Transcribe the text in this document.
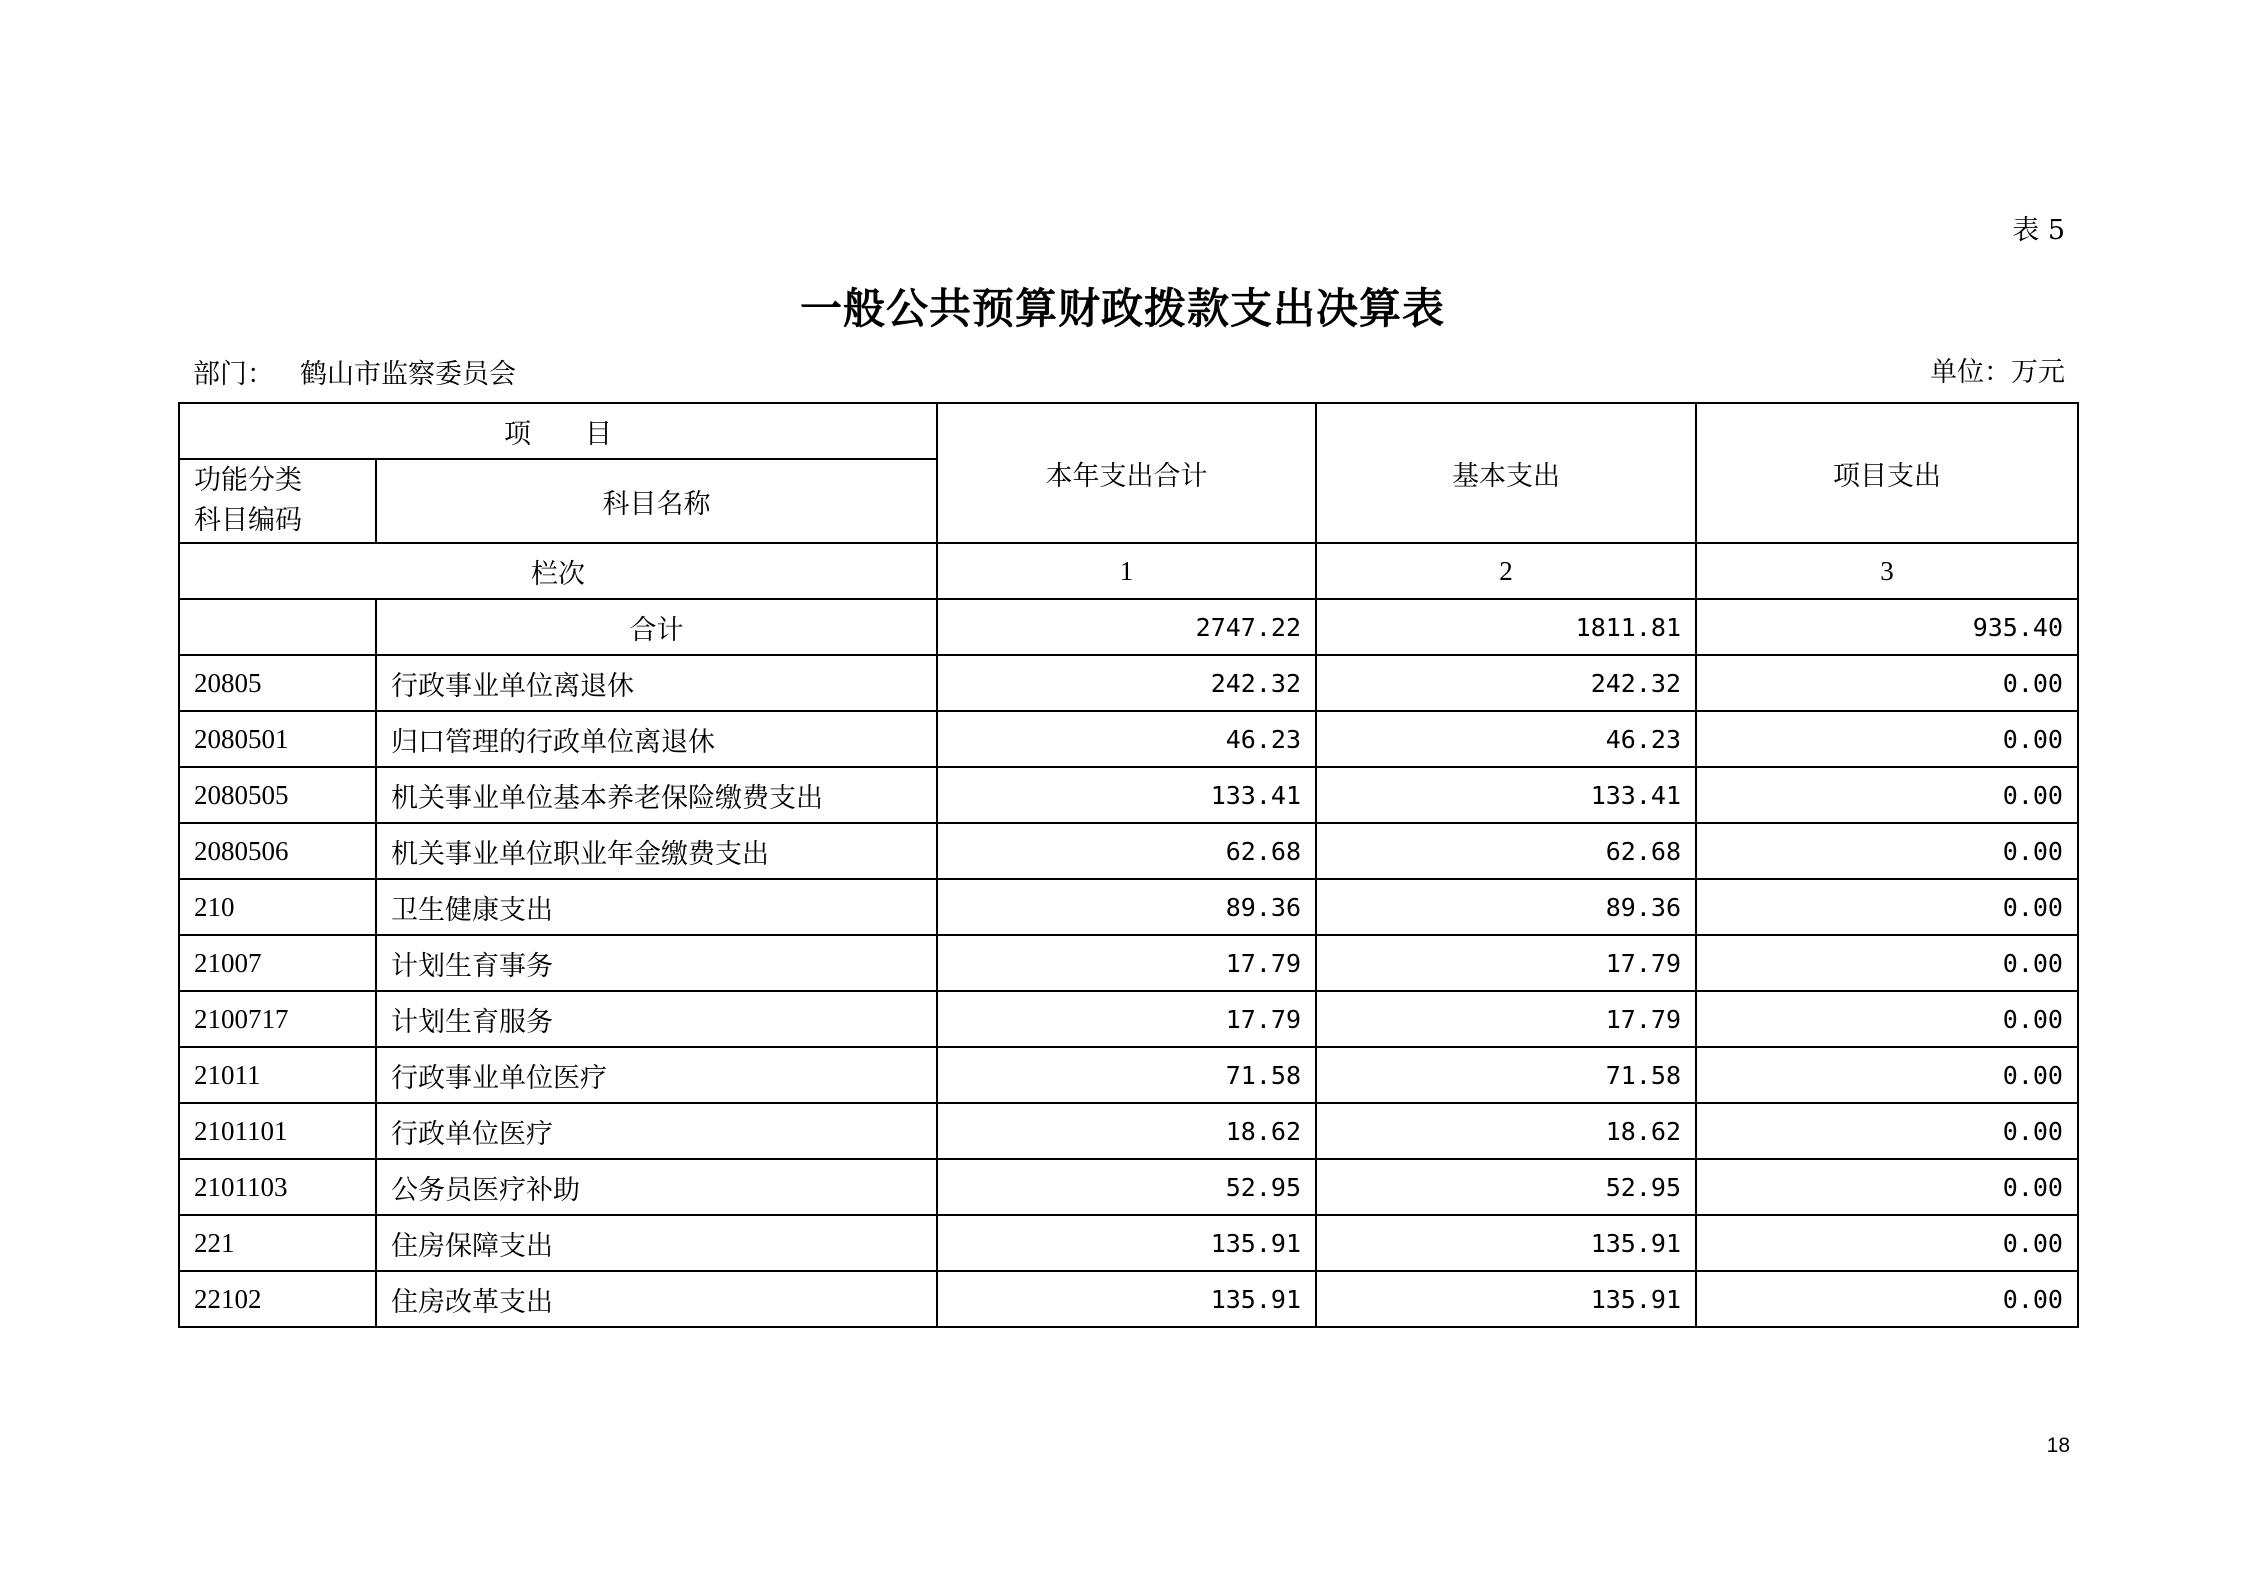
表 5
一般公共预算财政拨款支出决算表
部门： 鹤山市监察委员会	单位：万元
项　　目		本年支出合计	基本支出	项目支出

功能分类
科目编码	科目名称			
栏次		1	2	3
	合计	2747.22	1811.81	935.40
20805	行政事业单位离退休	242.32	242.32	0.00
2080501	归口管理的行政单位离退休	46.23	46.23	0.00
2080505	机关事业单位基本养老保险缴费支出	133.41	133.41	0.00
2080506	机关事业单位职业年金缴费支出	62.68	62.68	0.00
210	卫生健康支出	89.36	89.36	0.00
21007	计划生育事务	17.79	17.79	0.00
2100717	计划生育服务	17.79	17.79	0.00
21011	行政事业单位医疗	71.58	71.58	0.00
2101101	行政单位医疗	18.62	18.62	0.00
2101103	公务员医疗补助	52.95	52.95	0.00
221	住房保障支出	135.91	135.91	0.00
22102	住房改革支出	135.91	135.91	0.00
18
